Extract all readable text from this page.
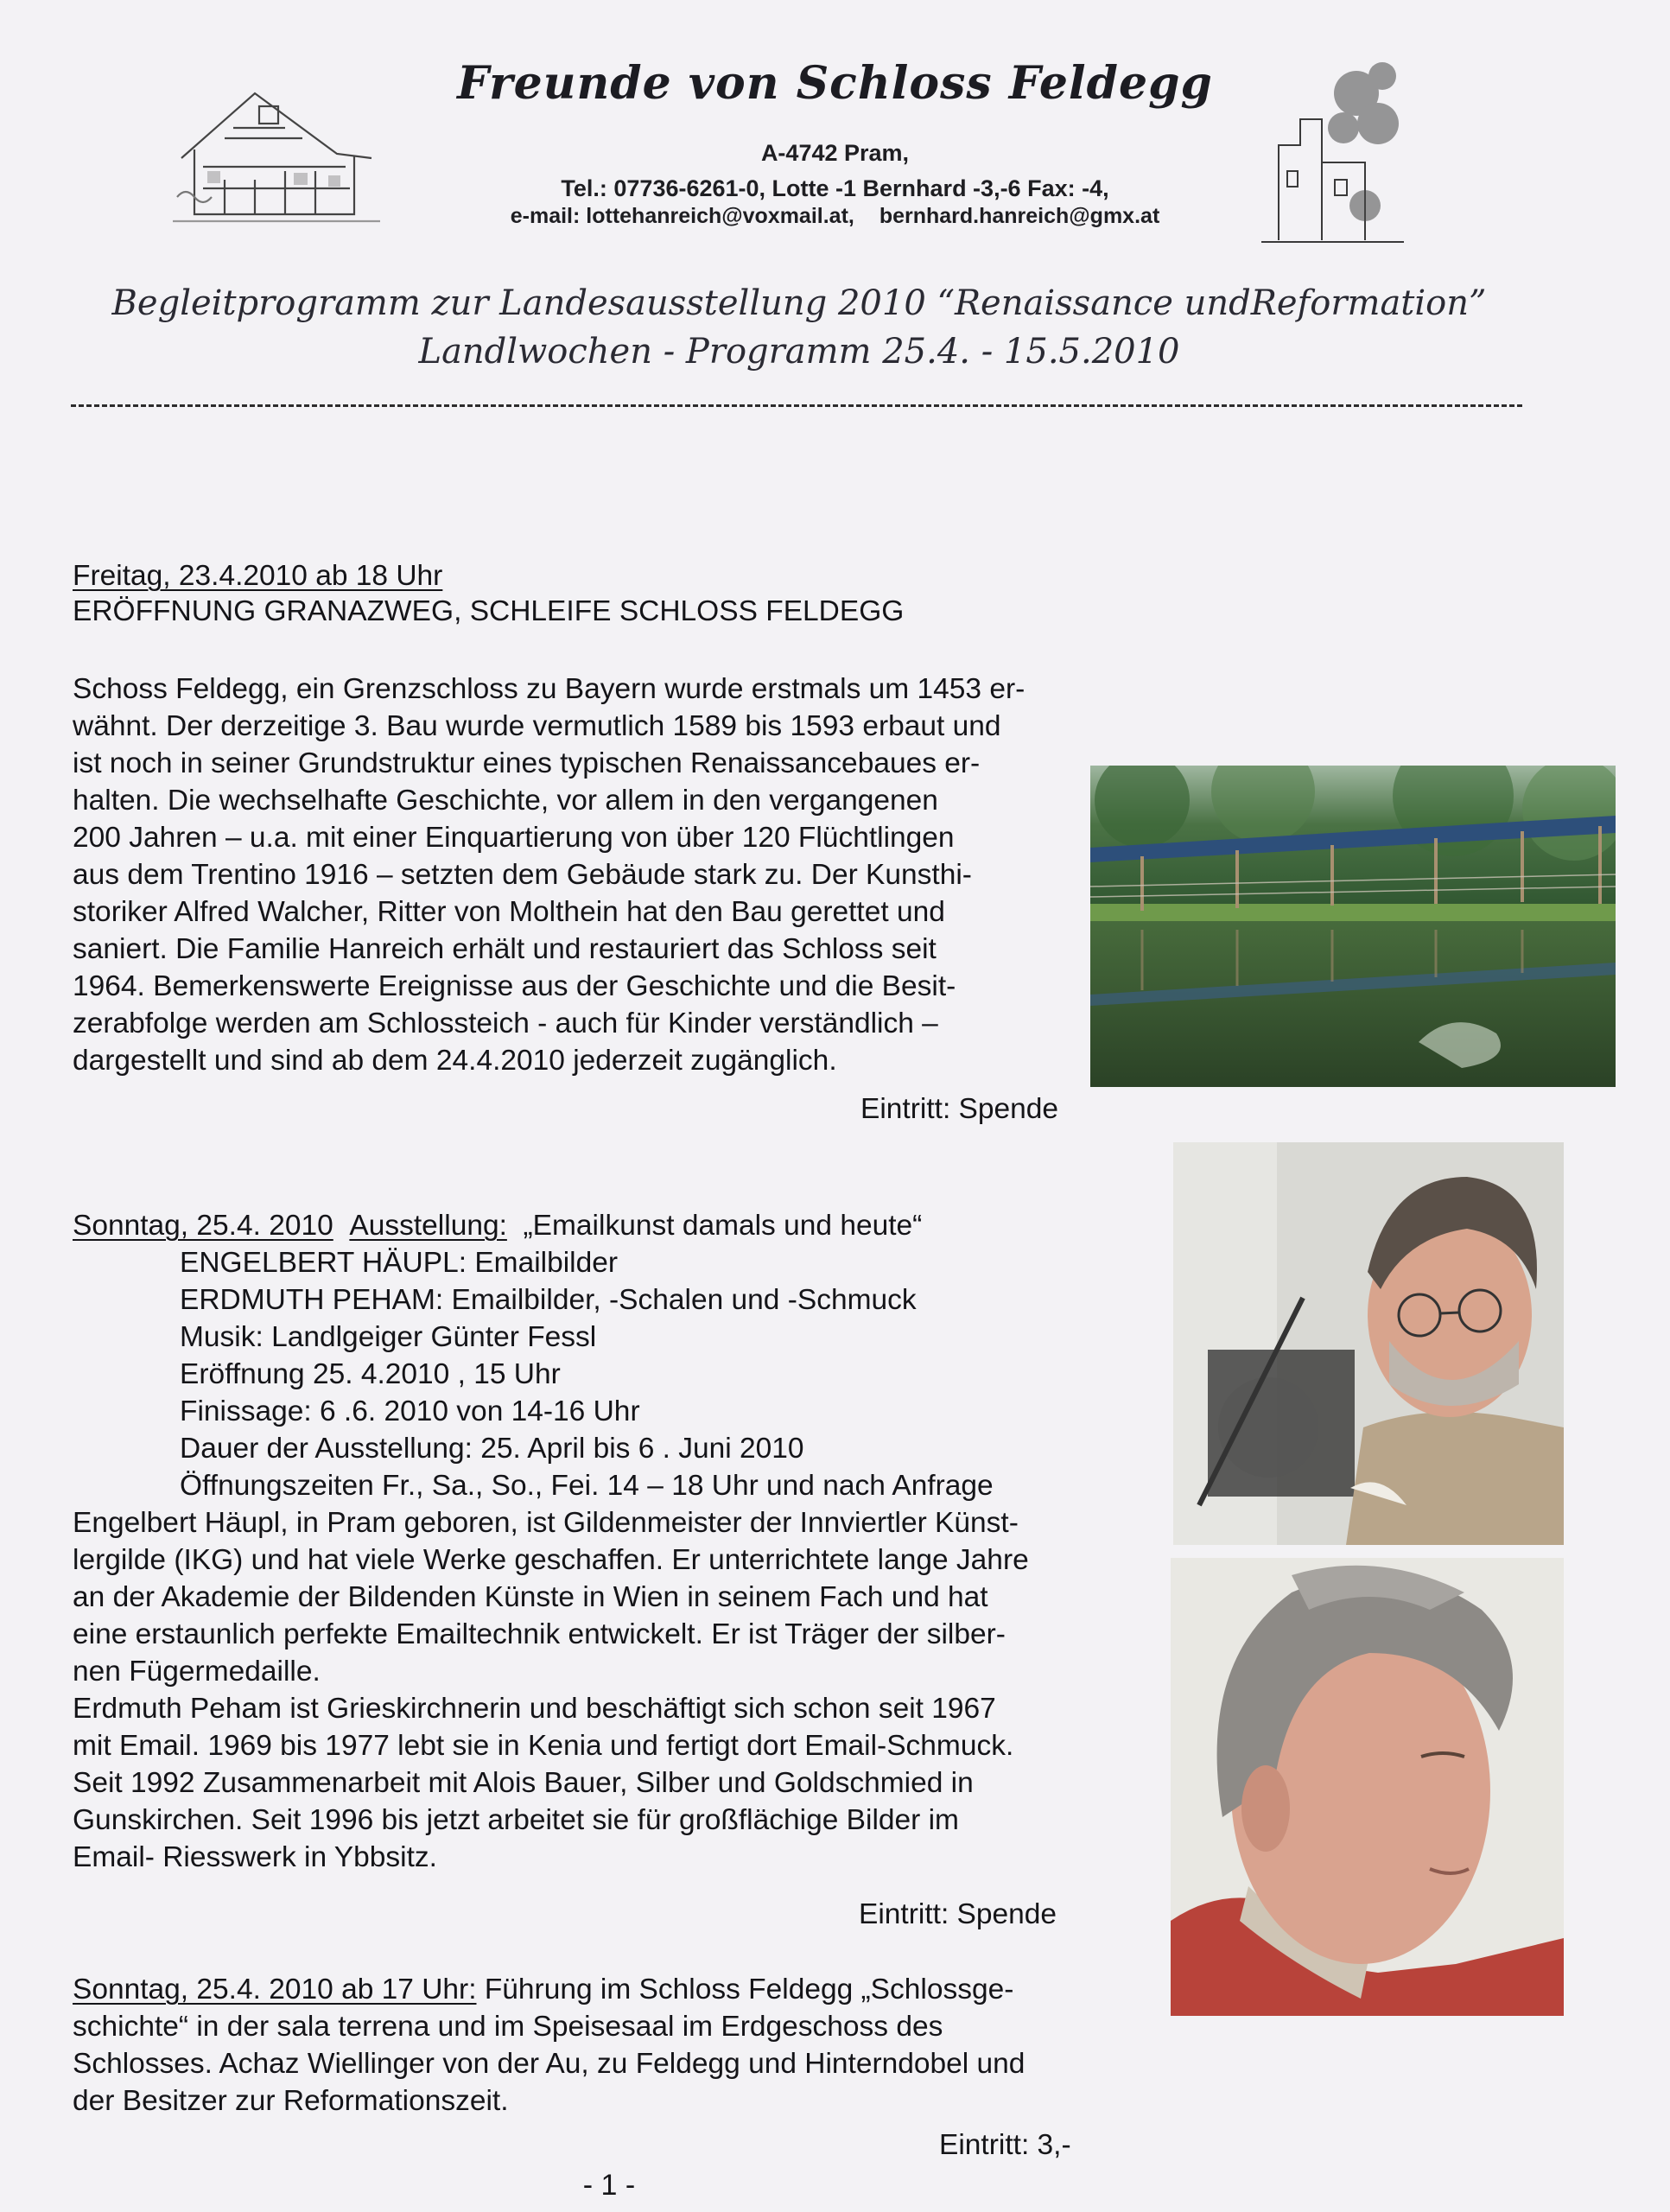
Freunde von Schloss Feldegg
A-4742 Pram,
Tel.: 07736-6261-0, Lotte -1 Bernhard -3,-6 Fax: -4,
e-mail: lottehanreich@voxmail.at, bernhard.hanreich@gmx.at
Begleitprogramm zur Landesausstellung 2010 “Renaissance undReformation”
Landlwochen - Programm 25.4. - 15.5.2010
Freitag, 23.4.2010 ab 18 Uhr
ERÖFFNUNG GRANAZWEG, SCHLEIFE SCHLOSS FELDEGG
Schoss Feldegg, ein Grenzschloss zu Bayern wurde erstmals um 1453 er-
wähnt. Der derzeitige 3. Bau wurde vermutlich 1589 bis 1593 erbaut und
ist noch in seiner Grundstruktur eines typischen Renaissancebaues er-
halten. Die wechselhafte Geschichte, vor allem in den vergangenen
200 Jahren – u.a. mit einer Einquartierung von über 120 Flüchtlingen
aus dem Trentino 1916 – setzten dem Gebäude stark zu. Der Kunsthi-
storiker Alfred Walcher, Ritter von Molthein hat den Bau gerettet und
saniert. Die Familie Hanreich erhält und restauriert das Schloss seit
1964. Bemerkenswerte Ereignisse aus der Geschichte und die Besit-
zerabfolge werden am Schlossteich - auch für Kinder verständlich –
dargestellt und sind ab dem 24.4.2010 jederzeit zugänglich.
Eintritt: Spende
Sonntag, 25.4. 2010 Ausstellung: „Emailkunst damals und heute“
ENGELBERT HÄUPL: Emailbilder
ERDMUTH PEHAM: Emailbilder, -Schalen und -Schmuck
Musik: Landlgeiger Günter Fessl
Eröffnung 25. 4.2010 , 15 Uhr
Finissage: 6 .6. 2010 von 14-16 Uhr
Dauer der Ausstellung: 25. April bis 6 . Juni 2010
Öffnungszeiten Fr., Sa., So., Fei. 14 – 18 Uhr und nach Anfrage
Engelbert Häupl, in Pram geboren, ist Gildenmeister der Innviertler Künst-
lergilde (IKG) und hat viele Werke geschaffen. Er unterrichtete lange Jahre
an der Akademie der Bildenden Künste in Wien in seinem Fach und hat
eine erstaunlich perfekte Emailtechnik entwickelt. Er ist Träger der silber-
nen Fügermedaille.
Erdmuth Peham ist Grieskirchnerin und beschäftigt sich schon seit 1967
mit Email. 1969 bis 1977 lebt sie in Kenia und fertigt dort Email-Schmuck.
Seit 1992 Zusammenarbeit mit Alois Bauer, Silber und Goldschmied in
Gunskirchen. Seit 1996 bis jetzt arbeitet sie für großflächige Bilder im
Email- Riesswerk in Ybbsitz.
Eintritt: Spende
Sonntag, 25.4. 2010 ab 17 Uhr: Führung im Schloss Feldegg „Schlossge-
schichte“ in der sala terrena und im Speisesaal im Erdgeschoss des
Schlosses. Achaz Wiellinger von der Au, zu Feldegg und Hinterndobel und
der Besitzer zur Reformationszeit.
Eintritt: 3,-
- 1 -
